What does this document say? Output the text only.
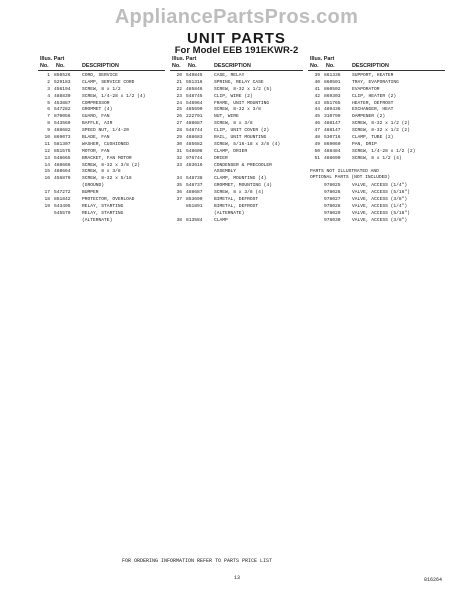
AppliancePartsPros.com
UNIT PARTS
For Model EEB 191EKWR-2
Illus. Part
No. No.	DESCRIPTION
1 850526 CORD, SERVICE
2 529183 CLAMP, SERVICE CORD
3 456194 SCREW, 8 x 1/2
4 488830 SCREW, 1/4-28 x 1/2 (4)
5 453887 COMPRESSOR
6 547282 GROMMET (4)
7 870056 GUARD, FAN
8 543569 BAFFLE, AIR
9 488682 SPEED NUT, 1/4-20
10 869073 BLADE, FAN
11 581307 WASHER, CUSHIONED
12 851575 MOTOR, FAN
13 548665 BRACKET, FAN MOTOR
14 488666 SCREW, 8-32 x 3/8 (2)
15 488664 SCREW, 8 x 3/8
16 456879 SCREW, 8-32 x 5/16
(GROUND)
17 547272 BUMPER
18 851842 PROTECTOR, OVERLOAD
19 543495 RELAY, STARTING
545579 RELAY, STARTING
(ALTERNATE)
Illus. Part
No. No.	DESCRIPTION
20 549845 CASE, RELAY
21 551316 SPRING, RELAY CASE
22 485846 SCREW, 8-32 x 1/2 (5)
23 548745 CLIP, WIRE (2)
24 548964 FRAME, UNIT MOUNTING
25 485690 SCREW, 8-32 x 3/8
26 222791 NUT, WIRE
27 488687 SCREW, 8 x 3/8
28 548744 CLIP, UNIT COVER (2)
29 488683 RAIL, UNIT MOUNTING
30 485682 SCREW, 5/16-18 x 3/8 (4)
31 548608 CLAMP, DRIER
32 976744 DRIER
33 483616 CONDENSER & PRECOOLER
ASSEMBLY
34 548738 CLAMP, MOUNTING (4)
35 548737 GROMMET, MOUNTING (4)
36 488687 SCREW, 8 x 3/8 (4)
37 853690 BIMETAL, DEFROST
851891 BIMETAL, DEFROST
(ALTERNATE)
38 813584 CLAMP
Illus. Part
No. No.	DESCRIPTION
39 861336 SUPPORT, HEATER
40 860501 TRAY, EVAPORATING
41 860502 EVAPORATOR
42 869303 CLIP, HEATER (2)
43 851765 HEATER, DEFROST
44 489436 EXCHANGER, HEAT
45 310799 DAMPENER (2)
46 488147 SCREW, 8-32 x 1/2 (2)
47 488147 SCREW, 8-32 x 1/2 (2)
48 530716 CLAMP, TUBE (2)
49 869060 PAN, DRIP
50 488484 SCREW, 1/4-28 x 1/2 (2)
51 488690 SCREW, 8 x 1/2 (4)
PARTS NOT ILLUSTRATED AND
OPTIONAL PARTS (NOT INCLUDED)
978025 VALVE, ACCESS (1/4")
978026 VALVE, ACCESS (5/16")
978027 VALVE, ACCESS (3/8")
978028 VALVE, ACCESS (1/4")
978029 VALVE, ACCESS (5/16")
978030 VALVE, ACCESS (3/8")
FOR ORDERING INFORMATION REFER TO PARTS PRICE LIST
13	816264
